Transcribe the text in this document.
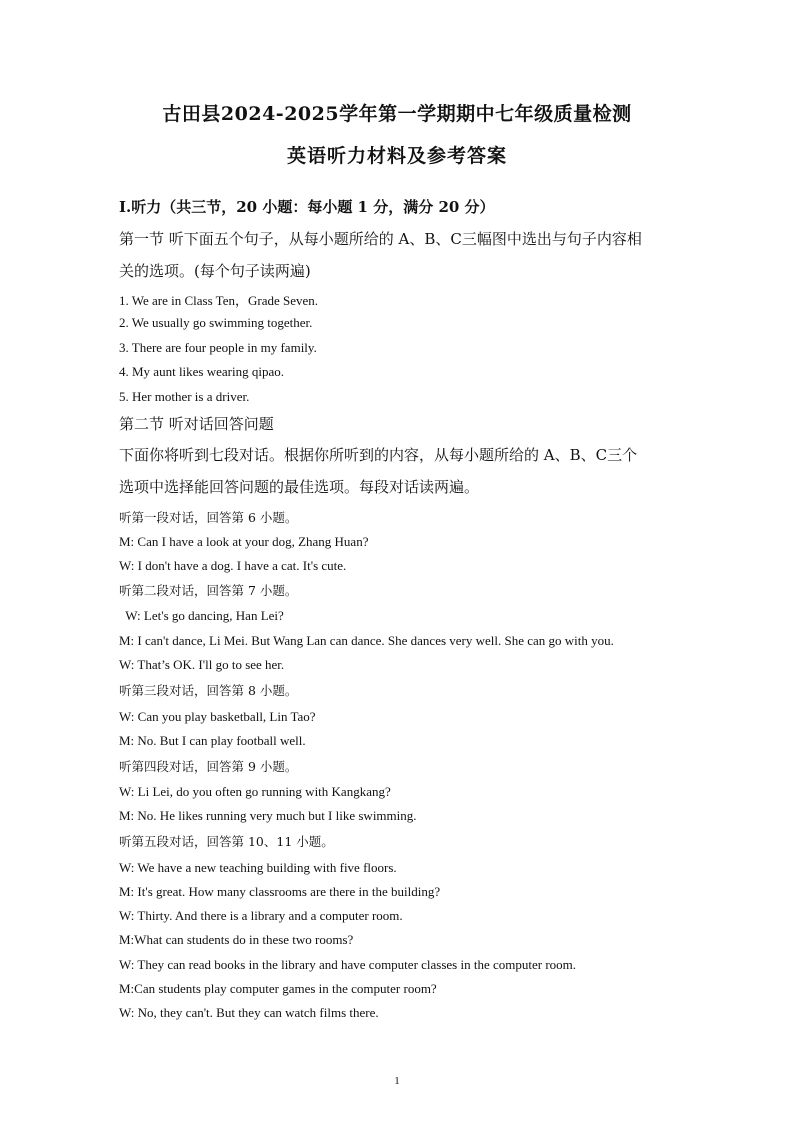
古田县2024-2025学年第一学期期中七年级质量检测
英语听力材料及参考答案
Ⅰ.听力（共三节，20 小题：每小题 1 分，满分 20 分）
第一节 听下面五个句子，从每小题所给的 A、B、C三幅图中选出与句子内容相
关的选项。(每个句子读两遍)
1. We are in Class Ten，Grade Seven.
2. We usually go swimming together.
3. There are four people in my family.
4. My aunt likes wearing qipao.
5. Her mother is a driver.
第二节 听对话回答问题
下面你将听到七段对话。根据你所听到的内容，从每小题所给的 A、B、C三个
选项中选择能回答问题的最佳选项。每段对话读两遍。
听第一段对话，回答第 6 小题。
M: Can I have a look at your dog, Zhang Huan?
W: I don't have a dog. I have a cat. It's cute.
听第二段对话，回答第 7 小题。
W: Let's go dancing, Han Lei?
M: I can't dance, Li Mei. But Wang Lan can dance. She dances very well. She can go with you.
W: That’s OK. I'll go to see her.
听第三段对话，回答第 8 小题。
W: Can you play basketball, Lin Tao?
M: No. But I can play football well.
听第四段对话，回答第 9 小题。
W: Li Lei, do you often go running with Kangkang?
M: No. He likes running very much but I like swimming.
听第五段对话，回答第 10、11 小题。
W: We have a new teaching building with five floors.
M: It's great. How many classrooms are there in the building?
W: Thirty. And there is a library and a computer room.
M:What can students do in these two rooms?
W: They can read books in the library and have computer classes in the computer room.
M:Can students play computer games in the computer room?
W: No, they can't. But they can watch films there.
1
